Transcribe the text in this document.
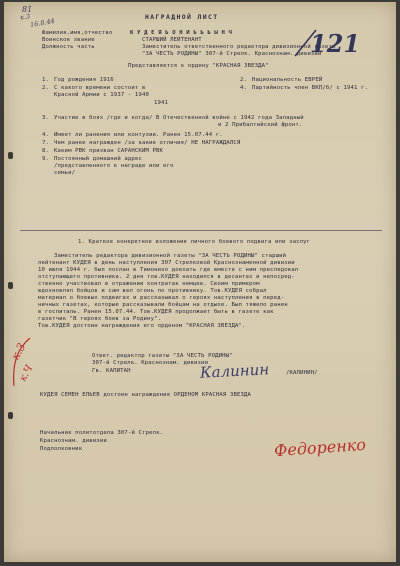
81
к.3
16.8.44
121
НАГРАДНОЙ ЛИСТ
Фамилия,имя,отчество	К У Д Е Я Ь О Н И Ь Ь Ь Ы Н Ч
Воинское звание	СТАРШИЙ ЛЕЙТЕНАНТ
Должность часть	Заместитель ответственного редактора дивизионной газеты
"ЗА ЧЕСТЬ РОДИНЫ" 307-й Стрелк. Краснознам. дивизии
Представляется к ордену "КРАСНАЯ ЗВЕЗДА"
1. Год рождения 1916
2. С какого времени состоит в
Красной Армии с 1937 - 1940
1941
2. Национальность ЕВРЕЙ
4. Партийность член ВКП/б/ с 1941 г.
3. Участие в боях /где и когда/ В Отечественной войне с 1942 года Западный
и 2 Прибалтийский фронт.
4. Имеет ли ранения или контузии. Ранен 15.07.44 г.
7. Чем ранее награжден /за какие отличия/ НЕ НАГРАЖДАЛСЯ
8. Каким РВК призван САРАНСКИМ РВК
9. Постоянный домашний адрес
/представленного к награде или его
семьи/
1. Краткое конкретное изложение личного боевого подвига или заслуг
Заместитель редактора дивизионной газеты "ЗА ЧЕСТЬ РОДИНЫ" старший
лейтенант КУДЕЯ в день наступления 307 Стрелковой Краснознаменной дивизии
10 июля 1944 г. был послан в Тимонизо доехать где вместе с ним преследовал
отступающего противника. 2 дня тов.КУДЕЯ находился в десантах и непосред-
ственно участвовал в отражении контратак немцев. Своим примером
вдохновлял бойцов и сам вел огонь по противнику. Тов.КУДЕЯ собрал
материал о боевых подвигах и рассказывал о героях наступления в перед-
ничных газетах, которые рассказывали бойцам на отдыхе. Был тяжело ранен
в госпиталь. Ранен 15.07.44. Тов.КУДЕЯ продолжает быть в газете как
газетчик "В героях боев за Родину".
Тов.КУДЕЯ достоин награждения его орденом "КРАСНАЯ ЗВЕЗДА".
к.3
к.Ч
Ответ. редактор газеты "ЗА ЧЕСТЬ РОДИНЫ"
307-й Стрелк. Краснознам. дивизии
Гв. КАПИТАН	/КАЛИНИН/
Калинин
КУДЕЯ СЕМЕН ЕЛЬЕВ достоин награждения ОРДЕНОМ КРАСНАЯ ЗВЕЗДА
Начальник политотдела 307-й Стрелк.
Краснознам. дивизии
Подполковник	Федоренко
